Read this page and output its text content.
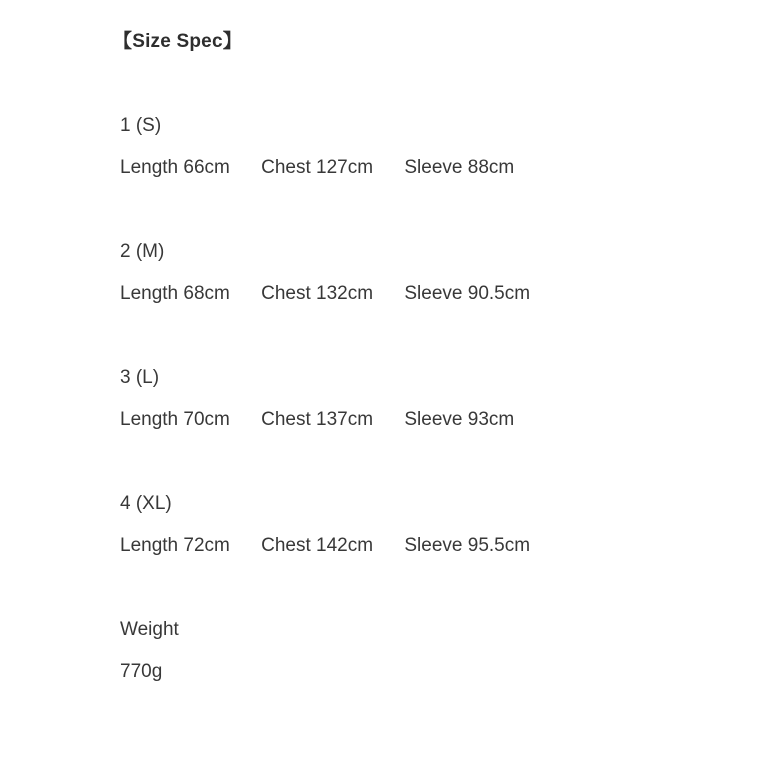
【Size Spec】
1 (S)
Length 66cm Chest 127cm Sleeve 88cm
2 (M)
Length 68cm Chest 132cm Sleeve 90.5cm
3 (L)
Length 70cm Chest 137cm Sleeve 93cm
4 (XL)
Length 72cm Chest 142cm Sleeve 95.5cm
Weight
770g
